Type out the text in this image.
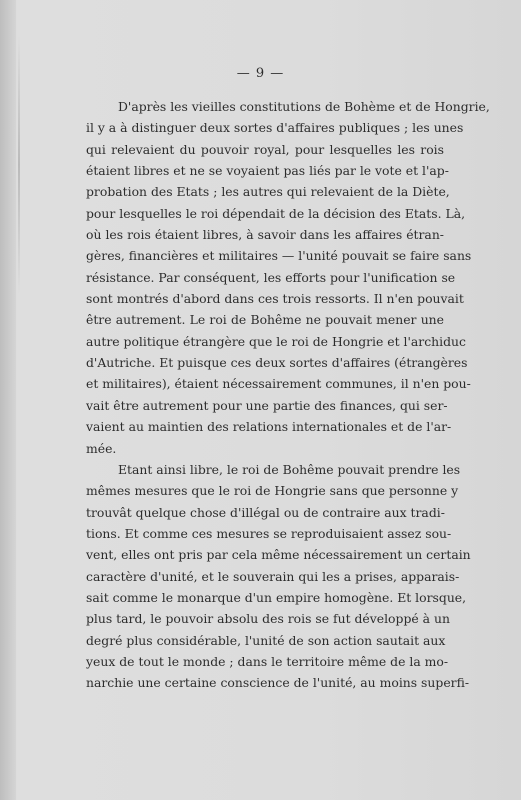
— 9 —
D'après les vieilles constitutions de Bohème et de Hongrie,
il y a à distinguer deux sortes d'affaires publiques ; les unes
qui relevaient du pouvoir royal, pour lesquelles les rois
étaient libres et ne se voyaient pas liés par le vote et l'ap-
probation des Etats ; les autres qui relevaient de la Diète,
pour lesquelles le roi dépendait de la décision des Etats. Là,
où les rois étaient libres, à savoir dans les affaires étran-
gères, financières et militaires — l'unité pouvait se faire sans
résistance. Par conséquent, les efforts pour l'unification se
sont montrés d'abord dans ces trois ressorts. Il n'en pouvait
être autrement. Le roi de Bohême ne pouvait mener une
autre politique étrangère que le roi de Hongrie et l'archiduc
d'Autriche. Et puisque ces deux sortes d'affaires (étrangères
et militaires), étaient nécessairement communes, il n'en pou-
vait être autrement pour une partie des finances, qui ser-
vaient au maintien des relations internationales et de l'ar-
mée.
Etant ainsi libre, le roi de Bohême pouvait prendre les
mêmes mesures que le roi de Hongrie sans que personne y
trouvât quelque chose d'illégal ou de contraire aux tradi-
tions. Et comme ces mesures se reproduisaient assez sou-
vent, elles ont pris par cela même nécessairement un certain
caractère d'unité, et le souverain qui les a prises, apparais-
sait comme le monarque d'un empire homogène. Et lorsque,
plus tard, le pouvoir absolu des rois se fut développé à un
degré plus considérable, l'unité de son action sautait aux
yeux de tout le monde ; dans le territoire même de la mo-
narchie une certaine conscience de l'unité, au moins superfi-
